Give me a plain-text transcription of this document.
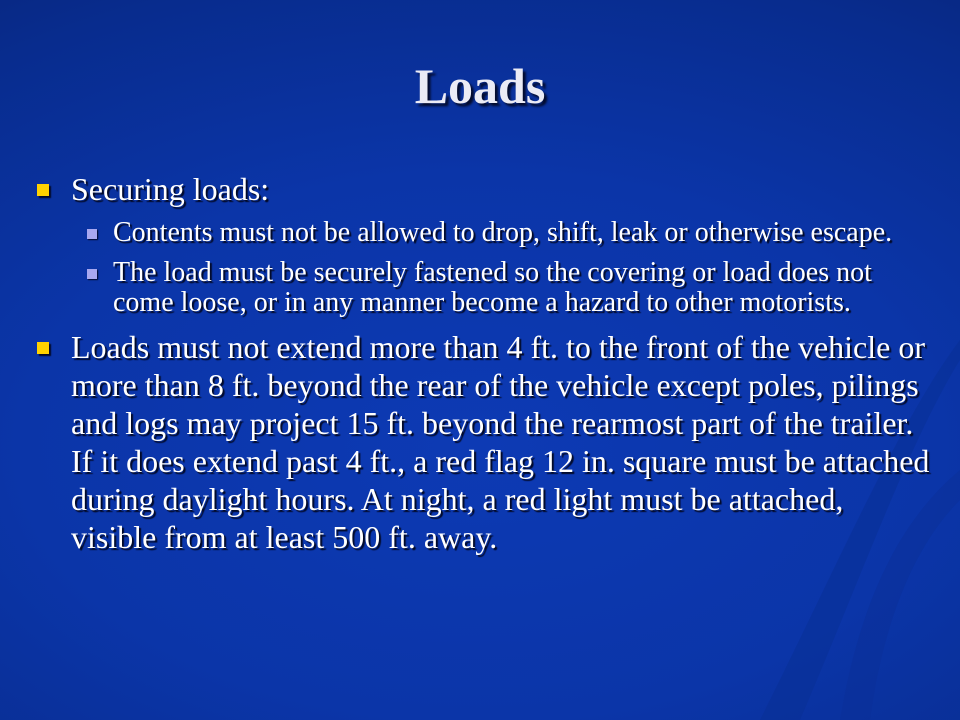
Loads

Securing loads:

Contents must not be allowed to drop, shift, leak or otherwise escape.

The load must be securely fastened so the covering or load does not come loose, or in any manner become a hazard to other motorists.

Loads must not extend more than 4 ft. to the front of the vehicle or more than 8 ft. beyond the rear of the vehicle except poles, pilings and logs may project 15 ft. beyond the rearmost part of the trailer. If it does extend past 4 ft., a red flag 12 in. square must be attached during daylight hours. At night, a red light must be attached, visible from at least 500 ft. away.
